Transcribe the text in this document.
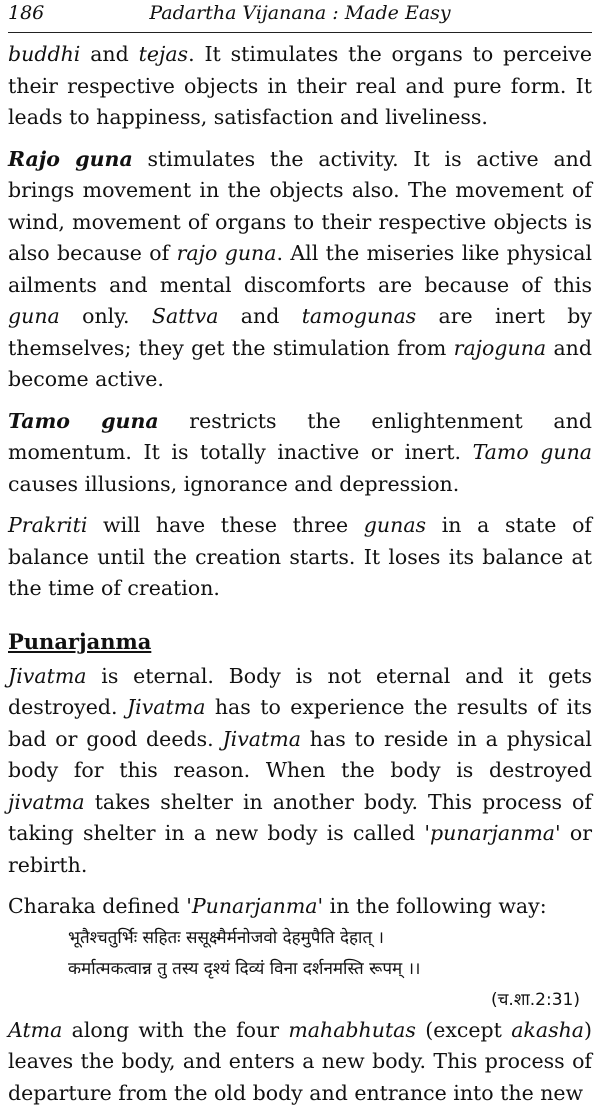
186	Padartha Vijanana : Made Easy

buddhi and tejas. It stimulates the organs to perceive their respective objects in their real and pure form. It leads to happiness, satisfaction and liveliness.

Rajo guna stimulates the activity. It is active and brings movement in the objects also. The movement of wind, movement of organs to their respective objects is also because of rajo guna. All the miseries like physical ailments and mental discomforts are because of this guna only. Sattva and tamogunas are inert by themselves; they get the stimulation from rajoguna and become active.

Tamo guna restricts the enlightenment and momentum. It is totally inactive or inert. Tamo guna causes illusions, ignorance and depression.

Prakriti will have these three gunas in a state of balance until the creation starts. It loses its balance at the time of creation.

Punarjanma

Jivatma is eternal. Body is not eternal and it gets destroyed. Jivatma has to experience the results of its bad or good deeds. Jivatma has to reside in a physical body for this reason. When the body is destroyed jivatma takes shelter in another body. This process of taking shelter in a new body is called 'punarjanma' or rebirth.

Charaka defined 'Punarjanma' in the following way:

भूतैश्चतुर्भिः सहितः ससूक्ष्मैर्मनोजवो देहमुपैति देहात् ।
कर्मात्मकत्वान्न तु तस्य दृश्यं दिव्यं विना दर्शनमस्ति रूपम् ।।
(च.शा.2:31)

Atma along with the four mahabhutas (except akasha) leaves the body, and enters a new body. This process of departure from the old body and entrance into the new
